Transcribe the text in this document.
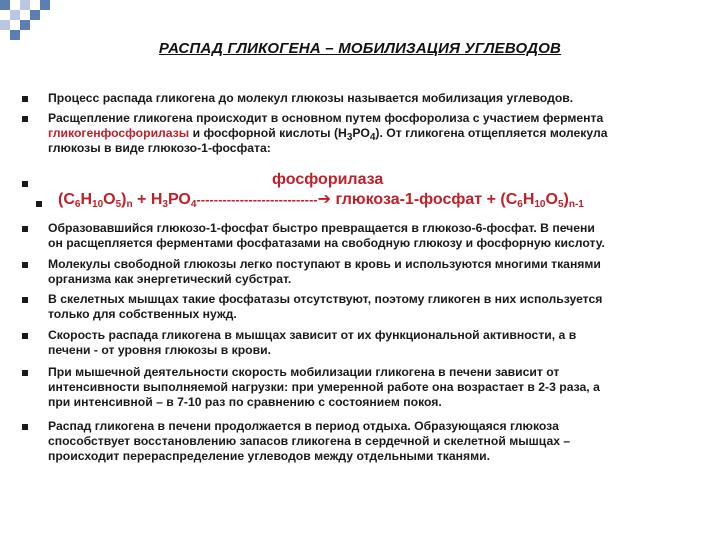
РАСПАД ГЛИКОГЕНА – МОБИЛИЗАЦИЯ УГЛЕВОДОВ
Процесс распада гликогена до молекул глюкозы называется мобилизация углеводов.
Расщепление гликогена происходит в основном путем фосфоролиза с участием фермента
гликогенфосфорилазы и фосфорной кислоты $(Н_3РО_4)$. От гликогена отщепляется молекула
глюкозы в виде глюкозо-1-фосфата:
фосфорилаза
$(С_6Н_{10}О_5)_n$ + $Н_3РО_4----------------------------➔$ глюкоза-1-фосфат + $(С_6Н_{10}О_5)_{n-1}$
Образовавшийся глюкозо-1-фосфат быстро превращается в глюкозо-6-фосфат. В печени
он расщепляется ферментами фосфатазами на свободную глюкозу и фосфорную кислоту.
Молекулы свободной глюкозы легко поступают в кровь и используются многими тканями
организма как энергетический субстрат.
В скелетных мышцах такие фосфатазы отсутствуют, поэтому гликоген в них используется
только для собственных нужд.
Скорость распада гликогена в мышцах зависит от их функциональной активности, а в
печени - от уровня глюкозы в крови.
При мышечной деятельности скорость мобилизации гликогена в печени зависит от
интенсивности выполняемой нагрузки: при умеренной работе она возрастает в 2-3 раза, а
при интенсивной – в 7-10 раз по сравнению с состоянием покоя.
Распад гликогена в печени продолжается в период отдыха. Образующаяся глюкоза
способствует восстановлению запасов гликогена в сердечной и скелетной мышцах –
происходит перераспределение углеводов между отдельными тканями.
